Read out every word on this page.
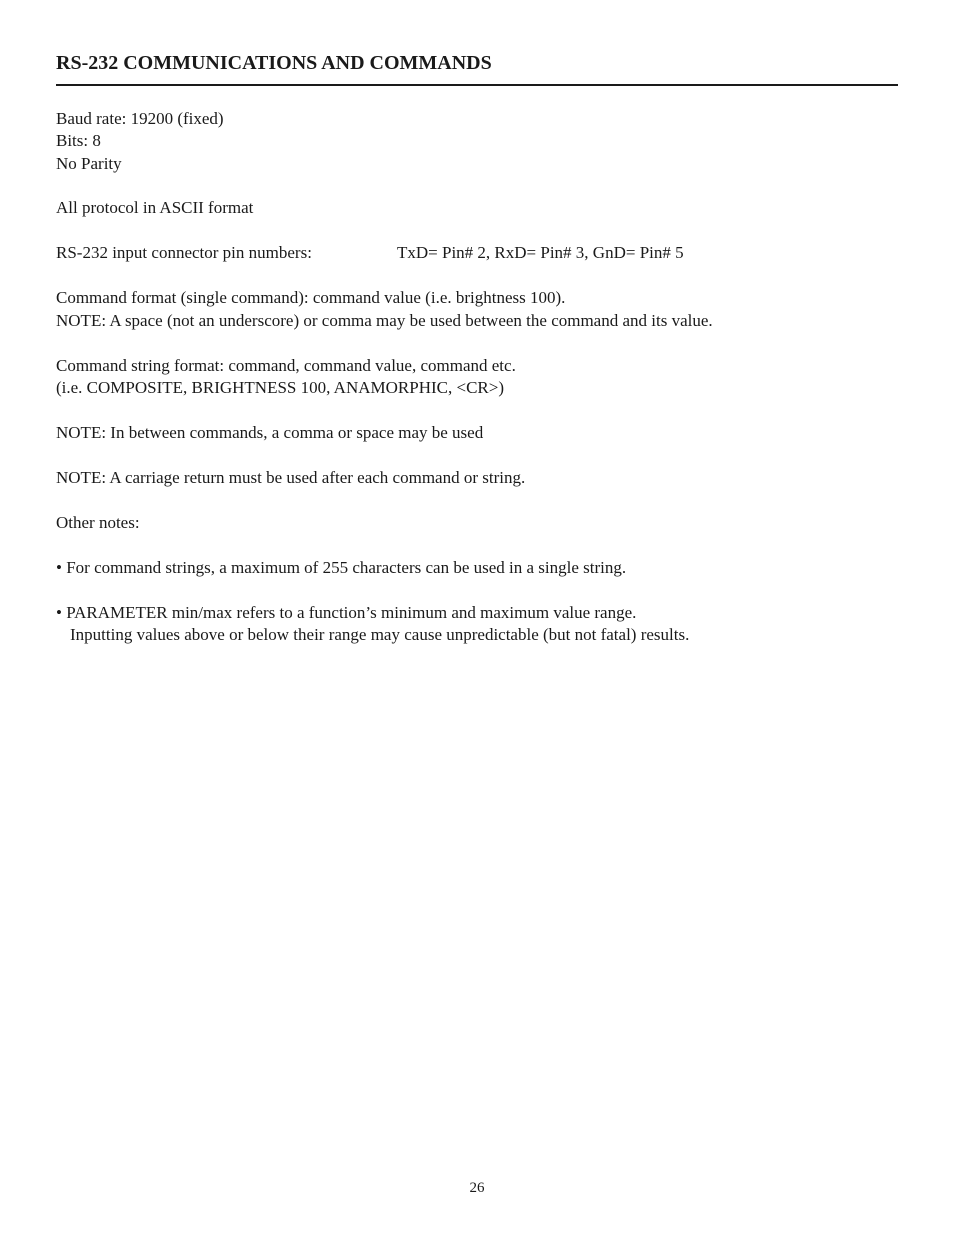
RS-232 COMMUNICATIONS AND COMMANDS
Baud rate: 19200 (fixed)
Bits: 8
No Parity
All protocol in ASCII format
RS-232 input connector pin numbers:	TxD= Pin# 2, RxD= Pin# 3, GnD= Pin# 5
Command format (single command): command value (i.e. brightness 100).
NOTE: A space (not an underscore) or comma may be used between the command and its value.
Command string format: command, command value, command etc.
(i.e. COMPOSITE, BRIGHTNESS 100, ANAMORPHIC, <CR>)
NOTE: In between commands, a comma or space may be used
NOTE: A carriage return must be used after each command or string.
Other notes:
• For command strings, a maximum of 255 characters can be used in a single string.
• PARAMETER min/max refers to a function’s minimum and maximum value range.
Inputting values above or below their range may cause unpredictable (but not fatal) results.
26
